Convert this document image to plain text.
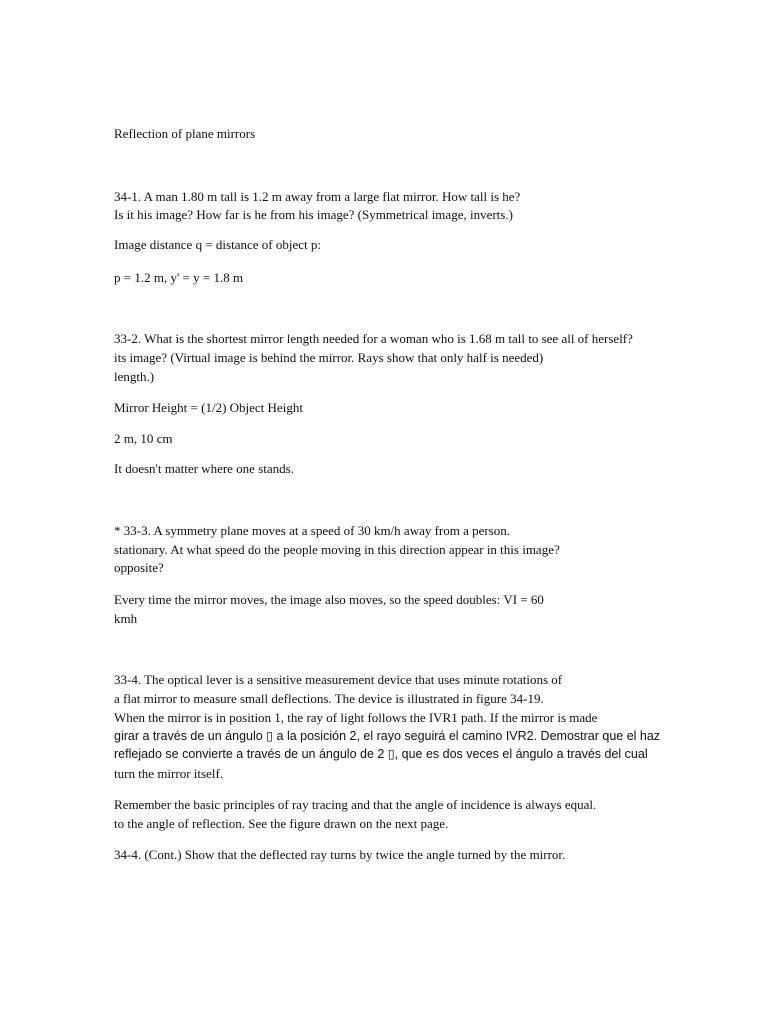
Reflection of plane mirrors
34-1. A man 1.80 m tall is 1.2 m away from a large flat mirror. How tall is he?
Is it his image? How far is he from his image? (Symmetrical image, inverts.)
Image distance q = distance of object p:
p = 1.2 m, y' = y = 1.8 m
33-2. What is the shortest mirror length needed for a woman who is 1.68 m tall to see all of herself?
its image? (Virtual image is behind the mirror. Rays show that only half is needed)
length.)
Mirror Height = (1/2) Object Height
2 m, 10 cm
It doesn't matter where one stands.
* 33-3. A symmetry plane moves at a speed of 30 km/h away from a person.
stationary. At what speed do the people moving in this direction appear in this image?
opposite?
Every time the mirror moves, the image also moves, so the speed doubles: VI = 60
kmh
33-4. The optical lever is a sensitive measurement device that uses minute rotations of
a flat mirror to measure small deflections. The device is illustrated in figure 34-19.
When the mirror is in position 1, the ray of light follows the IVR1 path. If the mirror is made
girar a través de un ángulo ▯ a la posición 2, el rayo seguirá el camino IVR2. Demostrar que el haz
reflejado se convierte a través de un ángulo de 2 ▯, que es dos veces el ángulo a través del cual
turn the mirror itself.
Remember the basic principles of ray tracing and that the angle of incidence is always equal.
to the angle of reflection. See the figure drawn on the next page.
34-4. (Cont.) Show that the deflected ray turns by twice the angle turned by the mirror.
